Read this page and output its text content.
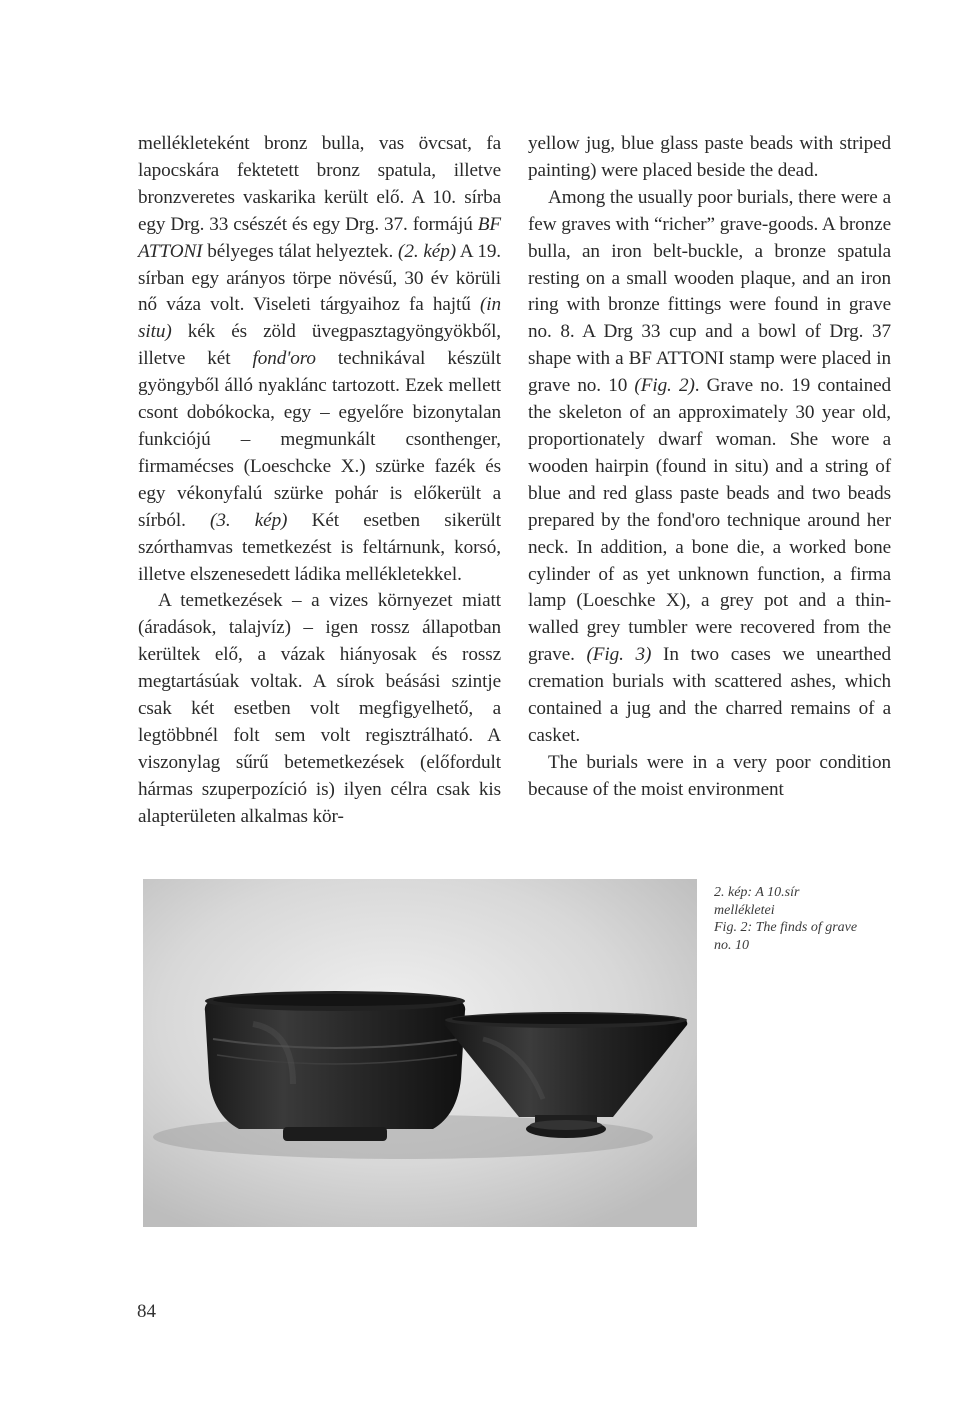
mellékleteként bronz bulla, vas övcsat, fa lapocskára fektetett bronz spatula, illetve bronzveretes vaskarika került elő. A 10. sírba egy Drg. 33 csészét és egy Drg. 37. formájú BF ATTONI bélyeges tálat helyeztek. (2. kép) A 19. sírban egy arányos törpe növésű, 30 év körüli nő váza volt. Viseleti tárgyaihoz fa hajtű (in situ) kék és zöld üvegpasztagyöngyökből, illetve két fond'oro technikával készült gyöngyből álló nyaklánc tartozott. Ezek mellett csont dobókocka, egy – egyelőre bizonytalan funkciójú – megmunkált csonthenger, firmamécses (Loeschcke X.) szürke fazék és egy vékonyfalú szürke pohár is előkerült a sírból. (3. kép) Két esetben sikerült szórthamvas temetkezést is feltárnunk, korsó, illetve elszenesedett ládika mellékletekkel.

A temetkezések – a vizes környezet miatt (áradások, talajvíz) – igen rossz állapotban kerültek elő, a vázak hiányosak és rossz megtartásúak voltak. A sírok beásási szintje csak két esetben volt megfigyelhető, a legtöbbnél folt sem volt regisztrálható. A viszonylag sűrű betemetkezések (előfordult hármas szuperpozíció is) ilyen célra csak kis alapterületen alkalmas kör-

yellow jug, blue glass paste beads with striped painting) were placed beside the dead.

Among the usually poor burials, there were a few graves with “richer” grave-goods. A bronze bulla, an iron belt-buckle, a bronze spatula resting on a small wooden plaque, and an iron ring with bronze fittings were found in grave no. 8. A Drg 33 cup and a bowl of Drg. 37 shape with a BF ATTONI stamp were placed in grave no. 10 (Fig. 2). Grave no. 19 contained the skeleton of an approximately 30 year old, proportionately dwarf woman. She wore a wooden hairpin (found in situ) and a string of blue and red glass paste beads and two beads prepared by the fond'oro technique around her neck. In addition, a bone die, a worked bone cylinder of as yet unknown function, a firma lamp (Loeschke X), a grey pot and a thin-walled grey tumbler were recovered from the grave. (Fig. 3) In two cases we unearthed cremation burials with scattered ashes, which contained a jug and the charred remains of a casket.

The burials were in a very poor condition because of the moist environment

2. kép: A 10.sír
mellékletei
Fig. 2: The finds of grave
no. 10
84
